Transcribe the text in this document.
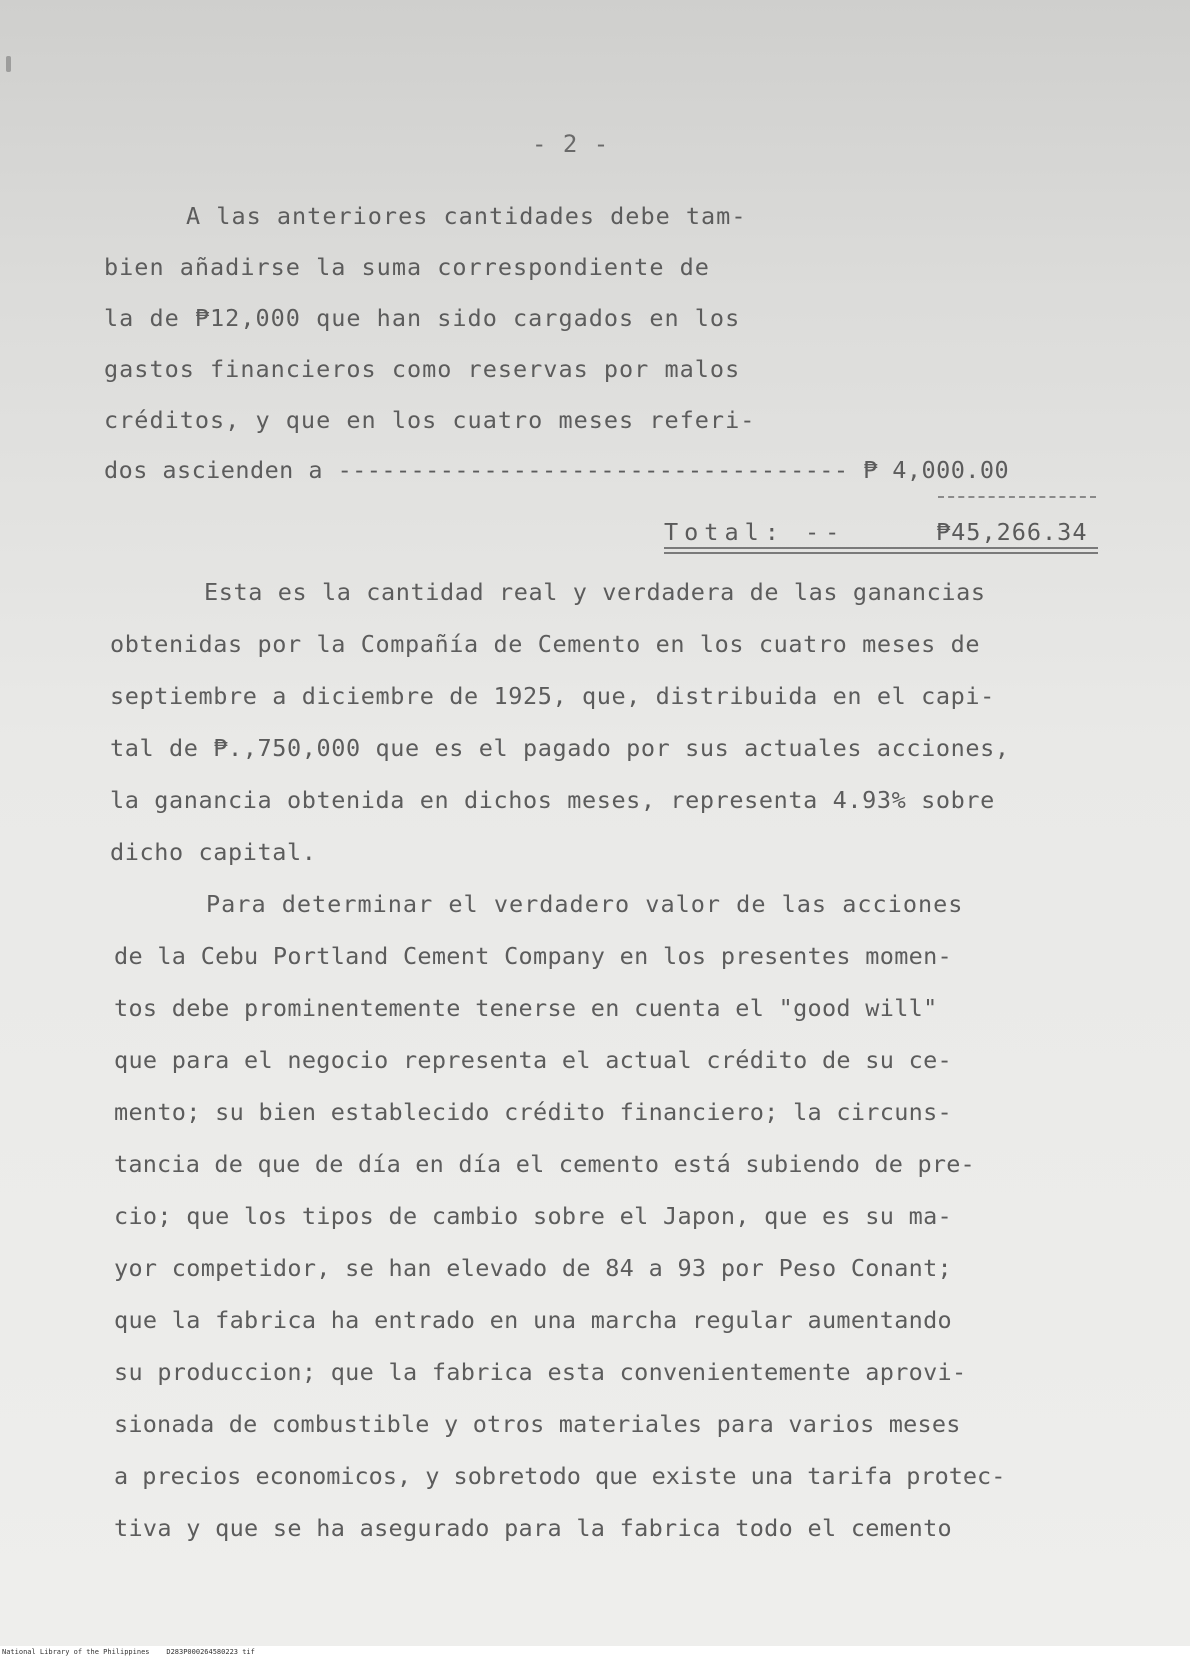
- 2 -
A las anteriores cantidades debe tam-
bien añadirse la suma correspondiente de
la de ₱12,000 que han sido cargados en los
gastos financieros como reservas por malos
créditos, y que en los cuatro meses referi-
dos ascienden a ----------------------------------- ₱ 4,000.00
Total: --	₱45,266.34
Esta es la cantidad real y verdadera de las ganancias
obtenidas por la Compañía de Cemento en los cuatro meses de
septiembre a diciembre de 1925, que, distribuida en el capi-
tal de ₱.,750,000 que es el pagado por sus actuales acciones,
la ganancia obtenida en dichos meses, representa 4.93% sobre
dicho capital.
Para determinar el verdadero valor de las acciones
de la Cebu Portland Cement Company en los presentes momen-
tos debe prominentemente tenerse en cuenta el "good will"
que para el negocio representa el actual crédito de su ce-
mento; su bien establecido crédito financiero; la circuns-
tancia de que de día en día el cemento está subiendo de pre-
cio; que los tipos de cambio sobre el Japon, que es su ma-
yor competidor, se han elevado de 84 a 93 por Peso Conant;
que la fabrica ha entrado en una marcha regular aumentando
su produccion; que la fabrica esta convenientemente aprovi-
sionada de combustible y otros materiales para varios meses
a precios economicos, y sobretodo que existe una tarifa protec-
tiva y que se ha asegurado para la fabrica todo el cemento
National Library of the Philippines    D283P000264580223 tif
